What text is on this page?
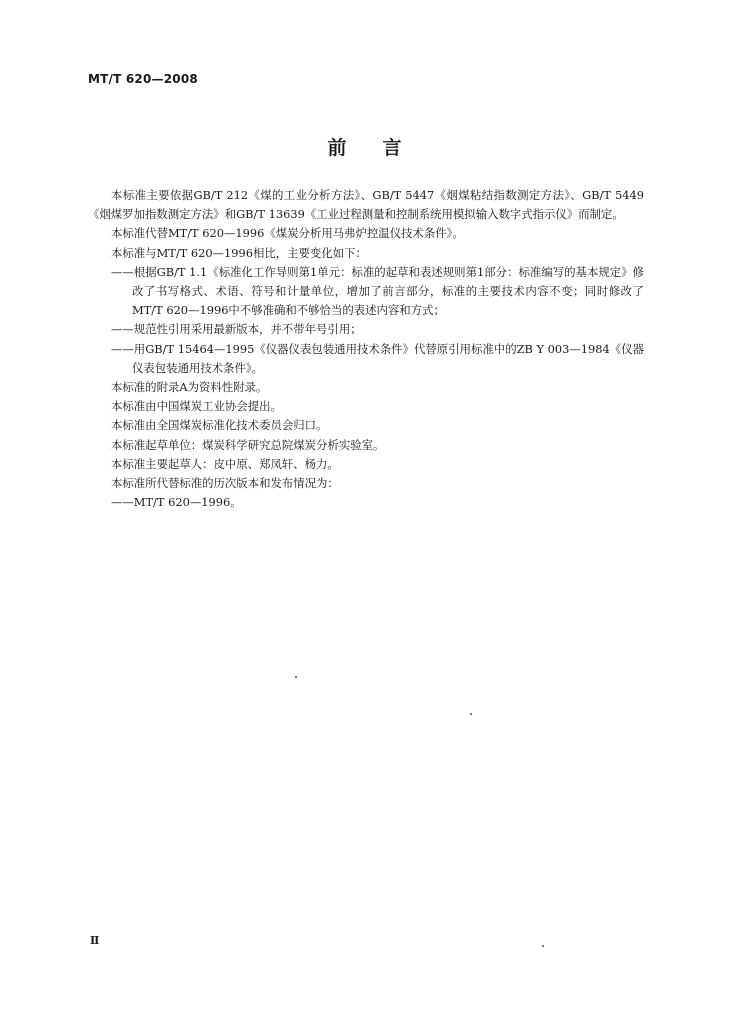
MT/T 620—2008
前言

本标准主要依据GB/T 212《煤的工业分析方法》、GB/T 5447《烟煤粘结指数测定方法》、GB/T 5449《烟煤罗加指数测定方法》和GB/T 13639《工业过程测量和控制系统用模拟输入数字式指示仪》而制定。

本标准代替MT/T 620—1996《煤炭分析用马弗炉控温仪技术条件》。

本标准与MT/T 620—1996相比，主要变化如下：

——根据GB/T 1.1《标准化工作导则第1单元：标准的起草和表述规则第1部分：标准编写的基本规定》修改了书写格式、术语、符号和计量单位，增加了前言部分，标准的主要技术内容不变；同时修改了MT/T 620—1996中不够准确和不够恰当的表述内容和方式；

——规范性引用采用最新版本，并不带年号引用；

——用GB/T 15464—1995《仪器仪表包装通用技术条件》代替原引用标准中的ZB Y 003—1984《仪器仪表包装通用技术条件》。

本标准的附录A为资料性附录。

本标准由中国煤炭工业协会提出。

本标准由全国煤炭标准化技术委员会归口。

本标准起草单位：煤炭科学研究总院煤炭分析实验室。

本标准主要起草人：皮中原、郑凤轩、杨力。

本标准所代替标准的历次版本和发布情况为：

——MT/T 620—1996。

Ⅱ
